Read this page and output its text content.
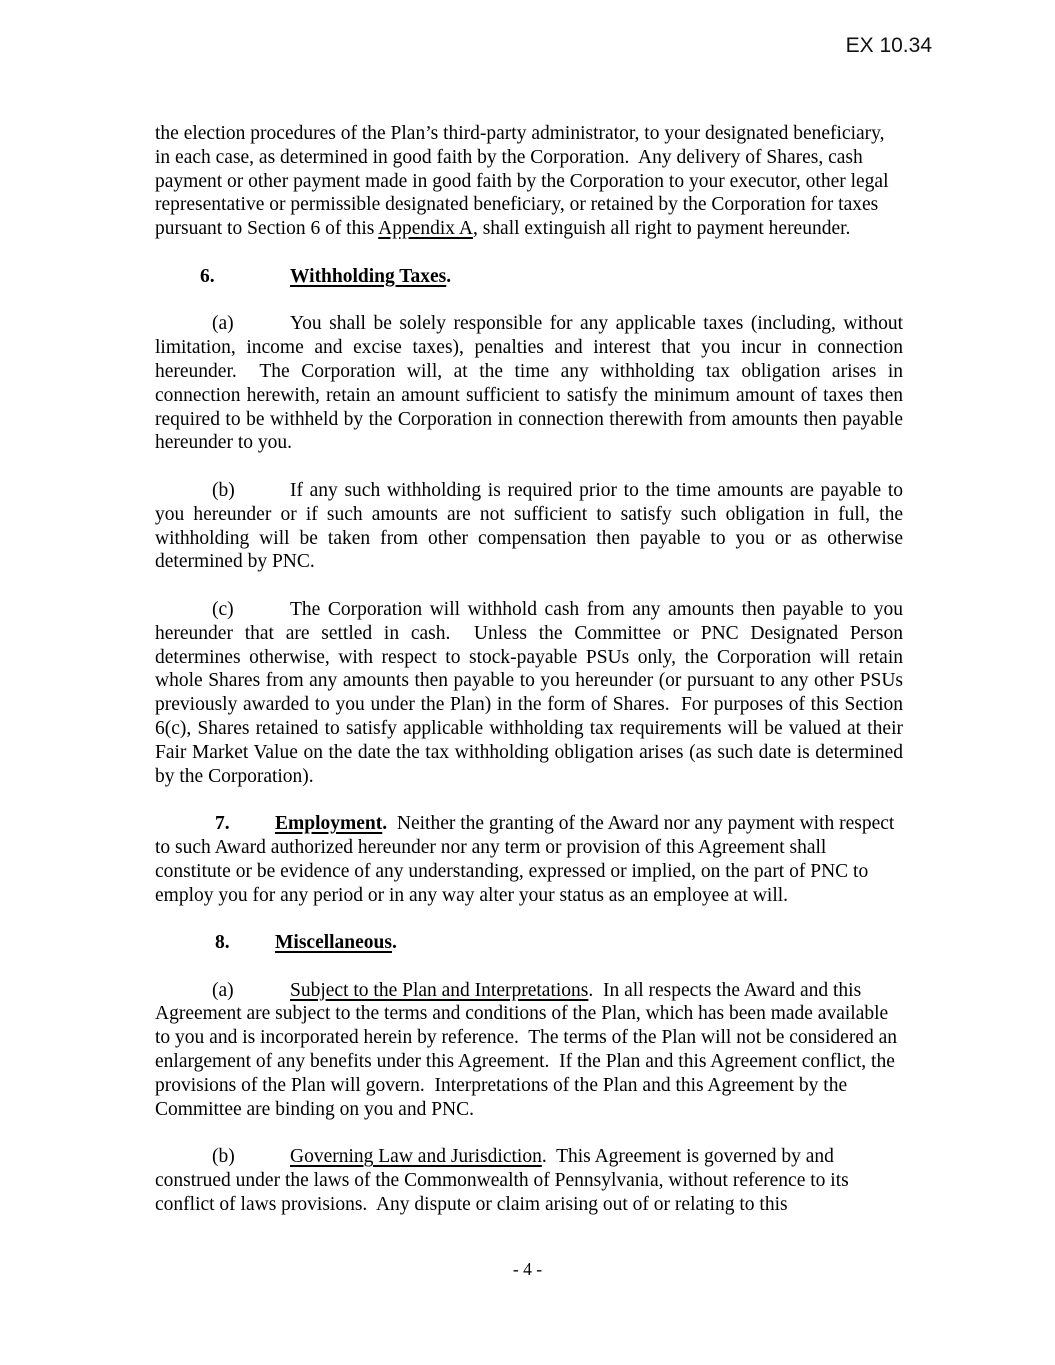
EX 10.34

the election procedures of the Plan’s third-party administrator, to your designated beneficiary, in each case, as determined in good faith by the Corporation.  Any delivery of Shares, cash payment or other payment made in good faith by the Corporation to your executor, other legal representative or permissible designated beneficiary, or retained by the Corporation for taxes pursuant to Section 6 of this Appendix A, shall extinguish all right to payment hereunder.

6.	Withholding Taxes.

(a)	You shall be solely responsible for any applicable taxes (including, without limitation, income and excise taxes), penalties and interest that you incur in connection hereunder.  The Corporation will, at the time any withholding tax obligation arises in connection herewith, retain an amount sufficient to satisfy the minimum amount of taxes then required to be withheld by the Corporation in connection therewith from amounts then payable hereunder to you.

(b)	If any such withholding is required prior to the time amounts are payable to you hereunder or if such amounts are not sufficient to satisfy such obligation in full, the withholding will be taken from other compensation then payable to you or as otherwise determined by PNC.

(c)	The Corporation will withhold cash from any amounts then payable to you hereunder that are settled in cash.  Unless the Committee or PNC Designated Person determines otherwise, with respect to stock-payable PSUs only, the Corporation will retain whole Shares from any amounts then payable to you hereunder (or pursuant to any other PSUs previously awarded to you under the Plan) in the form of Shares.  For purposes of this Section 6(c), Shares retained to satisfy applicable withholding tax requirements will be valued at their Fair Market Value on the date the tax withholding obligation arises (as such date is determined by the Corporation).

7. Employment.  Neither the granting of the Award nor any payment with respect to such Award authorized hereunder nor any term or provision of this Agreement shall constitute or be evidence of any understanding, expressed or implied, on the part of PNC to employ you for any period or in any way alter your status as an employee at will.

8. Miscellaneous.

(a)	Subject to the Plan and Interpretations.  In all respects the Award and this Agreement are subject to the terms and conditions of the Plan, which has been made available to you and is incorporated herein by reference.  The terms of the Plan will not be considered an enlargement of any benefits under this Agreement.  If the Plan and this Agreement conflict, the provisions of the Plan will govern.  Interpretations of the Plan and this Agreement by the Committee are binding on you and PNC.

(b)	Governing Law and Jurisdiction.  This Agreement is governed by and construed under the laws of the Commonwealth of Pennsylvania, without reference to its conflict of laws provisions.  Any dispute or claim arising out of or relating to this

- 4 -
